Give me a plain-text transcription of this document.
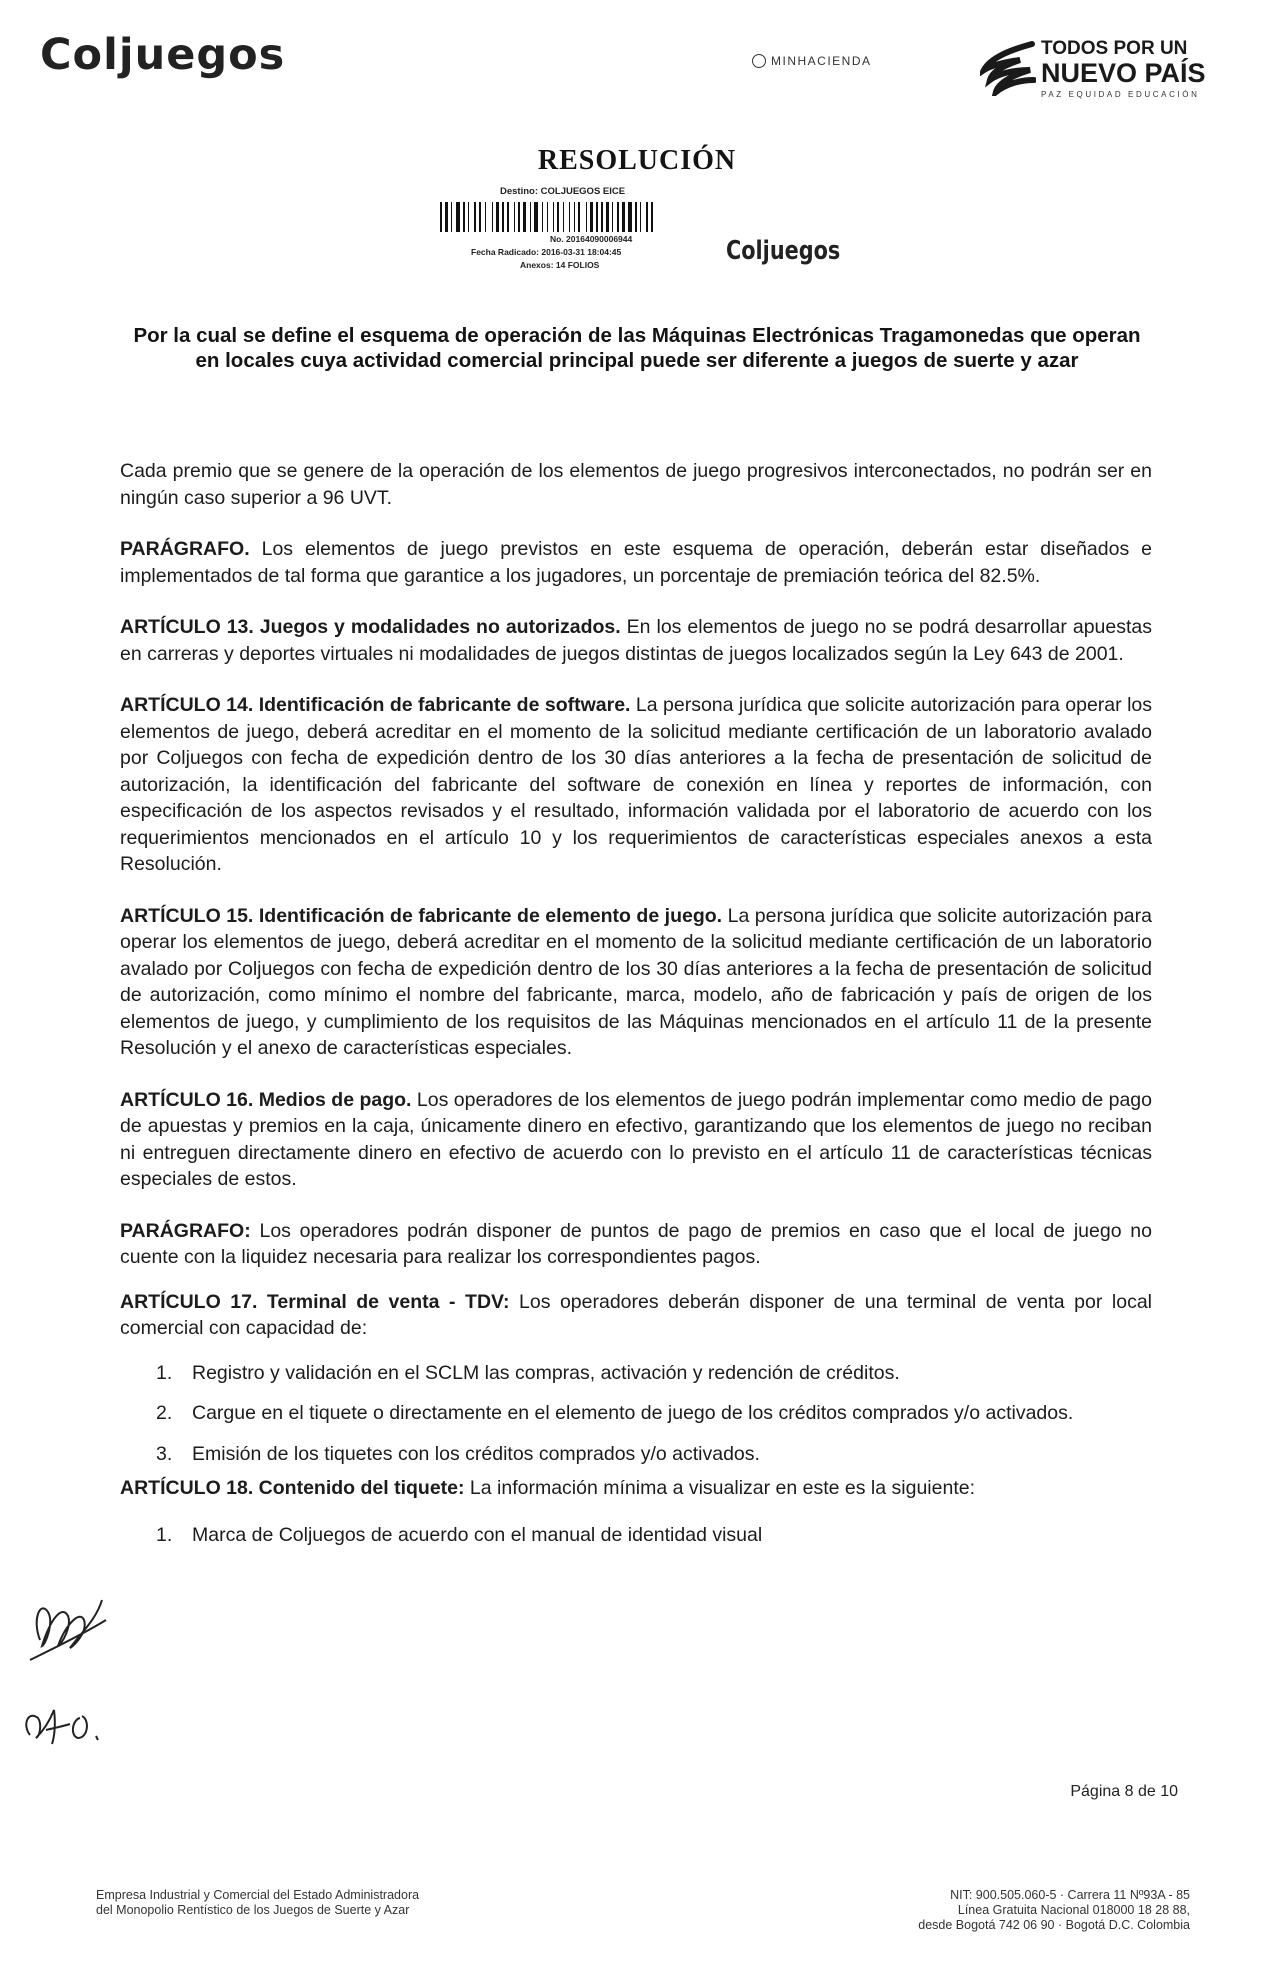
Coljuegos	MINHACIENDA
TODOS POR UN
NUEVO PAÍS
PAZ EQUIDAD EDUCACIÓN
RESOLUCIÓN
Destino: COLJUEGOS EICE
No. 20164090006944
Fecha Radicado: 2016-03-31 18:04:45
Anexos: 14 FOLIOS	Coljuegos
Por la cual se define el esquema de operación de las Máquinas Electrónicas Tragamonedas que operan en locales cuya actividad comercial principal puede ser diferente a juegos de suerte y azar

Cada premio que se genere de la operación de los elementos de juego progresivos interconectados, no podrán ser en ningún caso superior a 96 UVT.

PARÁGRAFO. Los elementos de juego previstos en este esquema de operación, deberán estar diseñados e implementados de tal forma que garantice a los jugadores, un porcentaje de premiación teórica del 82.5%.

ARTÍCULO 13. Juegos y modalidades no autorizados. En los elementos de juego no se podrá desarrollar apuestas en carreras y deportes virtuales ni modalidades de juegos distintas de juegos localizados según la Ley 643 de 2001.

ARTÍCULO 14. Identificación de fabricante de software. La persona jurídica que solicite autorización para operar los elementos de juego, deberá acreditar en el momento de la solicitud mediante certificación de un laboratorio avalado por Coljuegos con fecha de expedición dentro de los 30 días anteriores a la fecha de presentación de solicitud de autorización, la identificación del fabricante del software de conexión en línea y reportes de información, con especificación de los aspectos revisados y el resultado, información validada por el laboratorio de acuerdo con los requerimientos mencionados en el artículo 10 y los requerimientos de características especiales anexos a esta Resolución.

ARTÍCULO 15. Identificación de fabricante de elemento de juego. La persona jurídica que solicite autorización para operar los elementos de juego, deberá acreditar en el momento de la solicitud mediante certificación de un laboratorio avalado por Coljuegos con fecha de expedición dentro de los 30 días anteriores a la fecha de presentación de solicitud de autorización, como mínimo el nombre del fabricante, marca, modelo, año de fabricación y país de origen de los elementos de juego, y cumplimiento de los requisitos de las Máquinas mencionados en el artículo 11 de la presente Resolución y el anexo de características especiales.

ARTÍCULO 16. Medios de pago. Los operadores de los elementos de juego podrán implementar como medio de pago de apuestas y premios en la caja, únicamente dinero en efectivo, garantizando que los elementos de juego no reciban ni entreguen directamente dinero en efectivo de acuerdo con lo previsto en el artículo 11 de características técnicas especiales de estos.

PARÁGRAFO: Los operadores podrán disponer de puntos de pago de premios en caso que el local de juego no cuente con la liquidez necesaria para realizar los correspondientes pagos.

ARTÍCULO 17. Terminal de venta - TDV: Los operadores deberán disponer de una terminal de venta por local comercial con capacidad de:

1. Registro y validación en el SCLM las compras, activación y redención de créditos.
2. Cargue en el tiquete o directamente en el elemento de juego de los créditos comprados y/o activados.
3. Emisión de los tiquetes con los créditos comprados y/o activados.

ARTÍCULO 18. Contenido del tiquete: La información mínima a visualizar en este es la siguiente:

1. Marca de Coljuegos de acuerdo con el manual de identidad visual
Página 8 de 10
Empresa Industrial y Comercial del Estado Administradora
del Monopolio Rentístico de los Juegos de Suerte y Azar
NIT: 900.505.060-5 · Carrera 11 Nº93A - 85
Línea Gratuita Nacional 018000 18 28 88,
desde Bogotá 742 06 90 · Bogotá D.C. Colombia
